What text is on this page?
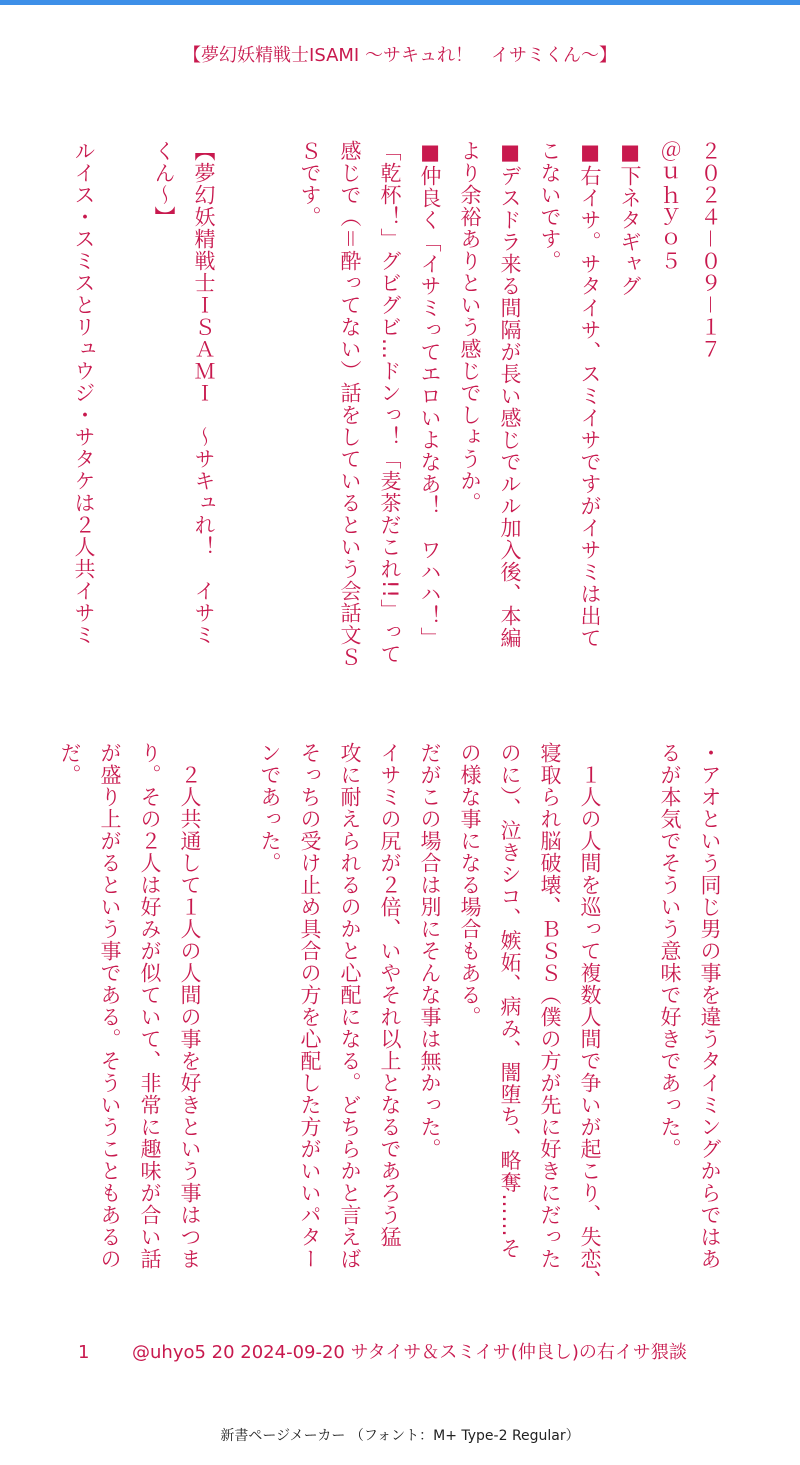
【夢幻妖精戦士ISAMI 〜サキュれ！　イサミくん〜】

２０２４－０９－１７

＠ｕｈｙｏ５

■下ネタギャグ

■右イサ。サタイサ、スミイサですがイサミは出て

こないです。

■デスドラ来る間隔が長い感じでルル加入後、本編

より余裕ありという感じでしょうか。

■仲良く「イサミってエロいよなあ！　ワハハ！」

「乾杯！」グビグビ…ドンっ！「麦茶だこれ!!」って

感じで（＝酔ってない）話をしているという会話文Ｓ

Ｓです。

【夢幻妖精戦士ＩＳＡＭＩ　〜サキュれ！　イサミ

くん〜】

ルイス・スミスとリュウジ・サタケは２人共イサミ

・アオという同じ男の事を違うタイミングからではあ

るが本気でそういう意味で好きであった。

　１人の人間を巡って複数人間で争いが起こり、失恋、

寝取られ脳破壊、ＢＳＳ（僕の方が先に好きにだった

のに）、泣きシコ、嫉妬、病み、闇堕ち、略奪……そ

の様な事になる場合もある。

だがこの場合は別にそんな事は無かった。

イサミの尻が２倍、いやそれ以上となるであろう猛

攻に耐えられるのかと心配になる。どちらかと言えば

そっちの受け止め具合の方を心配した方がいいパター

ンであった。

　２人共通して１人の人間の事を好きという事はつま

り。その２人は好みが似ていて、非常に趣味が合い話

が盛り上がるという事である。そういうこともあるの

だ。

1 @uhyo5 20 2024-09-20 サタイサ＆スミイサ(仲良し)の右イサ猥談
新書ページメーカー （フォント：M+ Type-2 Regular）
